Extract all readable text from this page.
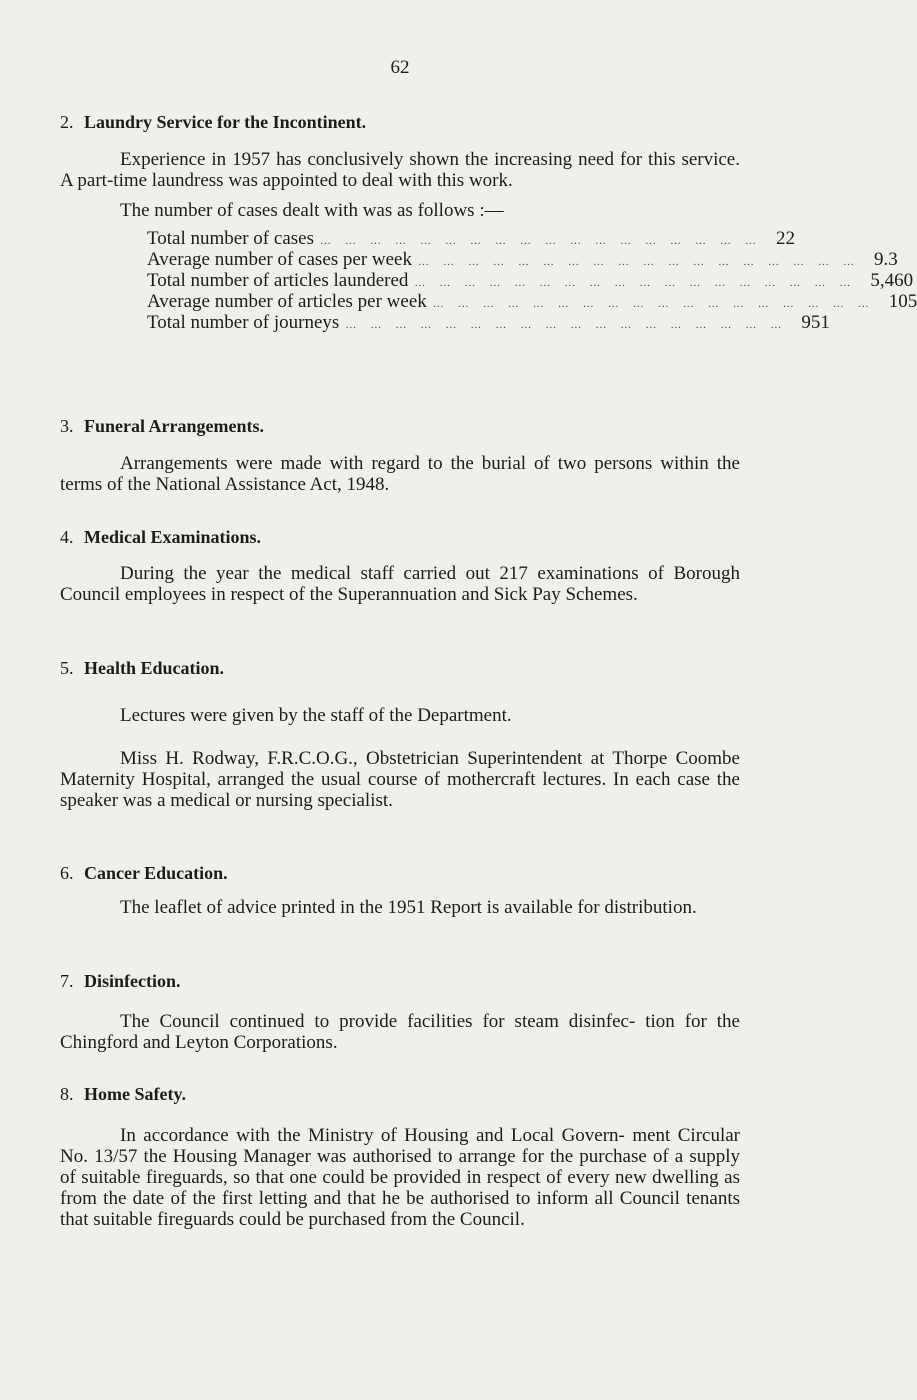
62
2. Laundry Service for the Incontinent.
Experience in 1957 has conclusively shown the increasing need for this service. A part-time laundress was appointed to deal with this work.
The number of cases dealt with was as follows :—
Total number of cases ……………………………………………… 22
Average number of cases per week ……………………………………………… 9.3
Total number of articles laundered ……………………………………………… 5,460
Average number of articles per week ……………………………………………… 105
Total number of journeys ……………………………………………… 951
3. Funeral Arrangements.
Arrangements were made with regard to the burial of two persons within the terms of the National Assistance Act, 1948.
4. Medical Examinations.
During the year the medical staff carried out 217 examinations of Borough Council employees in respect of the Superannuation and Sick Pay Schemes.
5. Health Education.
Lectures were given by the staff of the Department.
Miss H. Rodway, F.R.C.O.G., Obstetrician Superintendent at Thorpe Coombe Maternity Hospital, arranged the usual course of mothercraft lectures. In each case the speaker was a medical or nursing specialist.
6. Cancer Education.
The leaflet of advice printed in the 1951 Report is available for distribution.
7. Disinfection.
The Council continued to provide facilities for steam disinfec- tion for the Chingford and Leyton Corporations.
8. Home Safety.
In accordance with the Ministry of Housing and Local Govern- ment Circular No. 13/57 the Housing Manager was authorised to arrange for the purchase of a supply of suitable fireguards, so that one could be provided in respect of every new dwelling as from the date of the first letting and that he be authorised to inform all Council tenants that suitable fireguards could be purchased from the Council.
